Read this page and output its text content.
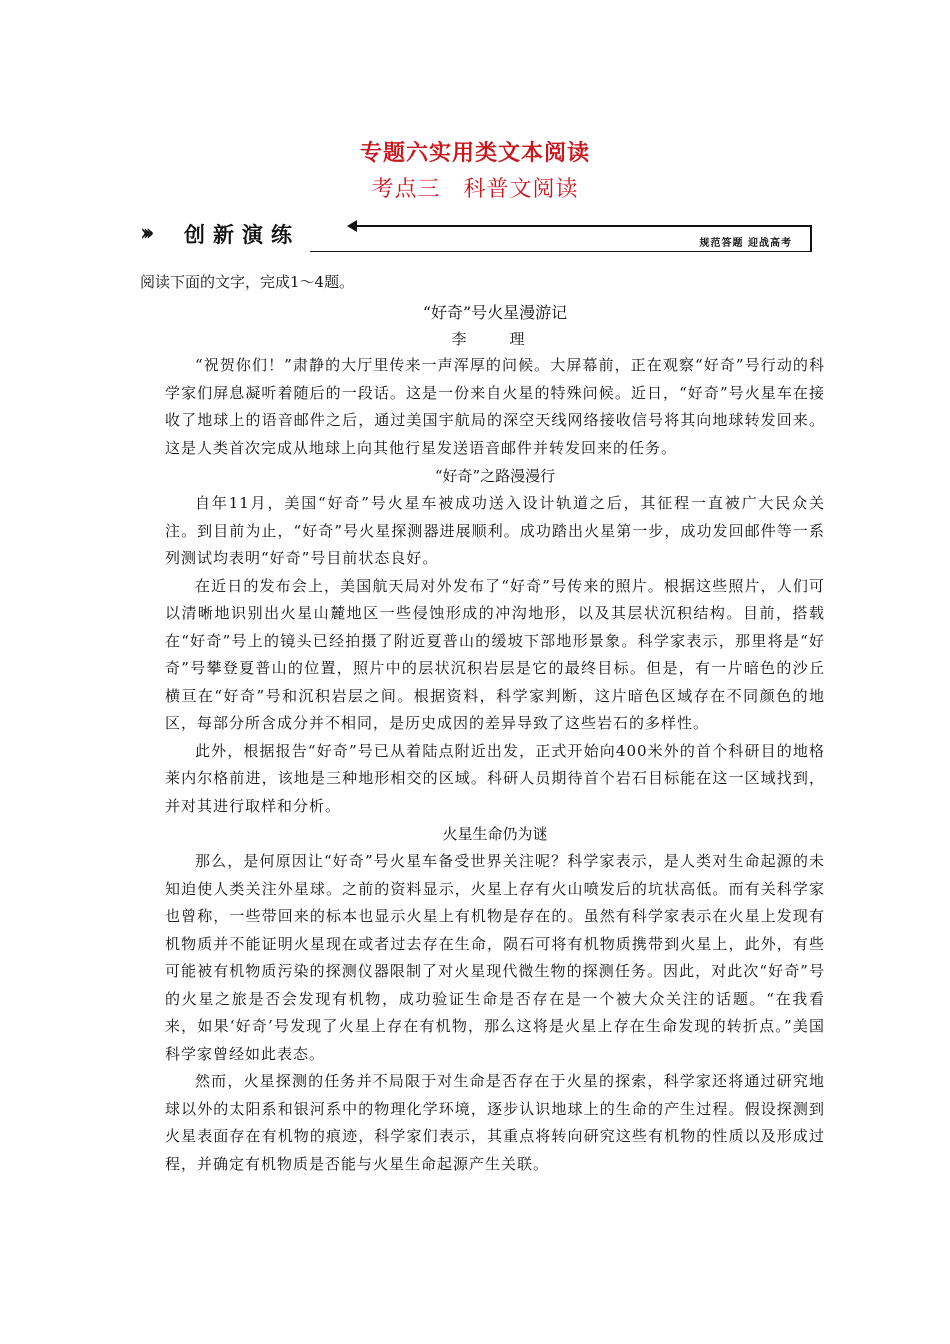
专题六实用类文本阅读
考点三　科普文阅读
››› 创新演练	规范答题 迎战高考
阅读下面的文字，完成1～4题。

“好奇”号火星漫游记

李　理

“祝贺你们！”肃静的大厅里传来一声浑厚的问候。大屏幕前，正在观察“好奇”号行动的科学家们屏息凝听着随后的一段话。这是一份来自火星的特殊问候。近日，“好奇”号火星车在接收了地球上的语音邮件之后，通过美国宇航局的深空天线网络接收信号将其向地球转发回来。这是人类首次完成从地球上向其他行星发送语音邮件并转发回来的任务。

“好奇”之路漫漫行

自年11月，美国“好奇”号火星车被成功送入设计轨道之后，其征程一直被广大民众关注。到目前为止，“好奇”号火星探测器进展顺利。成功踏出火星第一步，成功发回邮件等一系列测试均表明“好奇”号目前状态良好。

在近日的发布会上，美国航天局对外发布了“好奇”号传来的照片。根据这些照片，人们可以清晰地识别出火星山麓地区一些侵蚀形成的冲沟地形，以及其层状沉积结构。目前，搭载在“好奇”号上的镜头已经拍摄了附近夏普山的缓坡下部地形景象。科学家表示，那里将是“好奇”号攀登夏普山的位置，照片中的层状沉积岩层是它的最终目标。但是，有一片暗色的沙丘横亘在“好奇”号和沉积岩层之间。根据资料，科学家判断，这片暗色区域存在不同颜色的地区，每部分所含成分并不相同，是历史成因的差异导致了这些岩石的多样性。

此外，根据报告“好奇”号已从着陆点附近出发，正式开始向400米外的首个科研目的地格莱内尔格前进，该地是三种地形相交的区域。科研人员期待首个岩石目标能在这一区域找到，并对其进行取样和分析。

火星生命仍为谜

那么，是何原因让“好奇”号火星车备受世界关注呢？科学家表示，是人类对生命起源的未知迫使人类关注外星球。之前的资料显示，火星上存有火山喷发后的坑状高低。而有关科学家也曾称，一些带回来的标本也显示火星上有机物是存在的。虽然有科学家表示在火星上发现有机物质并不能证明火星现在或者过去存在生命，陨石可将有机物质携带到火星上，此外，有些可能被有机物质污染的探测仪器限制了对火星现代微生物的探测任务。因此，对此次“好奇”号的火星之旅是否会发现有机物，成功验证生命是否存在是一个被大众关注的话题。“在我看来，如果‘好奇’号发现了火星上存在有机物，那么这将是火星上存在生命发现的转折点。”美国科学家曾经如此表态。

然而，火星探测的任务并不局限于对生命是否存在于火星的探索，科学家还将通过研究地球以外的太阳系和银河系中的物理化学环境，逐步认识地球上的生命的产生过程。假设探测到火星表面存在有机物的痕迹，科学家们表示，其重点将转向研究这些有机物的性质以及形成过程，并确定有机物质是否能与火星生命起源产生关联。
